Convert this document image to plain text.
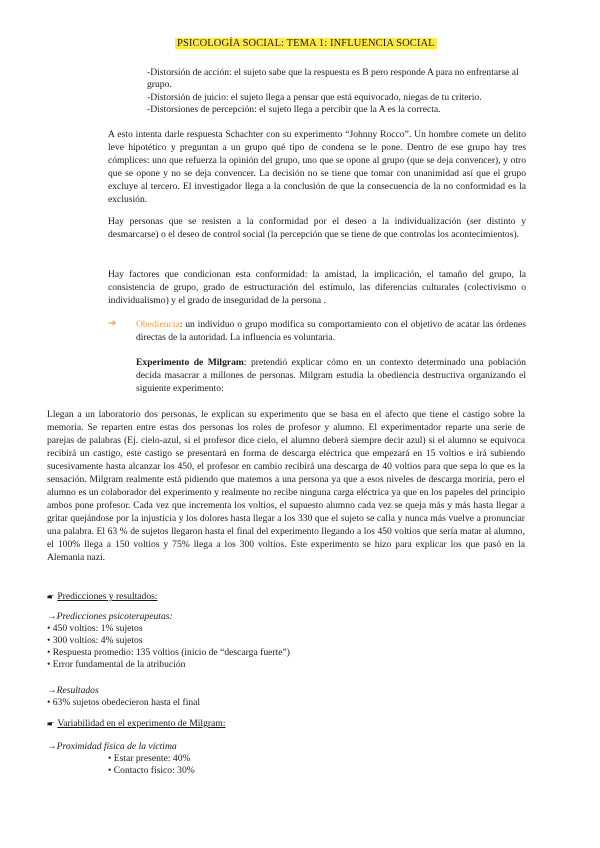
PSICOLOGÍA SOCIAL: TEMA 1: INFLUENCIA SOCIAL
-Distorsión de acción: el sujeto sabe que la respuesta es B pero responde A para no enfrentarse al grupo.
-Distorsión de juicio: el sujeto llega a pensar que está equivocado, niegas de tu criterio.
-Distorsiones de percepción: el sujeto llega a percibir que la A es la correcta.

A esto intenta darle respuesta Schachter con su experimento “Johnny Rocco”. Un hombre comete un delito leve hipotético y preguntan a un grupo qué tipo de condena se le pone. Dentro de ese grupo hay tres cómplices: uno que refuerza la opinión del grupo, uno que se opone al grupo (que se deja convencer), y otro que se opone y no se deja convencer. La decisión no se tiene que tomar con unanimidad así que el grupo excluye al tercero. El investigador llega a la conclusión de que la consecuencia de la no conformidad es la exclusión.

Hay personas que se resisten a la conformidad por el deseo a la individualización (ser distinto y desmarcarse) o el deseo de control social (la percepción que se tiene de que controlas los acontecimientos).

Hay factores que condicionan esta conformidad: la amistad, la implicación, el tamaño del grupo, la consistencia de grupo, grado de estructuración del estímulo, las diferencias culturales (colectivismo o individualismo) y el grado de inseguridad de la persona .

➔ Obediencia: un individuo o grupo modifica su comportamiento con el objetivo de acatar las órdenes directas de la autoridad. La influencia es voluntaria.

Experimento de Milgram: pretendió explicar cómo en un contexto determinado una población decida masacrar a millones de personas. Milgram estudia la obediencia destructiva organizando el siguiente experimento:

Llegan a un laboratorio dos personas, le explican su experimento que se basa en el afecto que tiene el castigo sobre la memoria. Se reparten entre estas dos personas los roles de profesor y alumno. El experimentador reparte una serie de parejas de palabras (Ej. cielo-azul, si el profesor dice cielo, el alumno deberá siempre decir azul) si el alumno se equivoca recibirá un castigo, este castigo se presentará en forma de descarga eléctrica que empezará en 15 voltios e irá subiendo sucesivamente hasta alcanzar los 450, el profesor en cambio recibirá una descarga de 40 voltios para que sepa lo que es la sensación. Milgram realmente está pidiendo que matemos a una persona ya que a esos niveles de descarga moriría, pero el alumno es un colaborador del experimento y realmente no recibe ninguna carga eléctrica ya que en los papeles del principio ambos pone profesor. Cada vez que incrementa los voltios, el supuesto alumno cada vez se queja más y más hasta llegar a gritar quejándose por la injusticia y los dolores hasta llegar a los 330 que el sujeto se calla y nunca más vuelve a pronunciar una palabra. El 63 % de sujetos llegaron hasta el final del experimento llegando a los 450 voltios que sería matar al alumno, el 100% llega a 150 voltios y 75% llega a los 300 voltios. Este experimento se hizo para explicar los que pasó en la Alemania nazi.

🖝 Predicciones y resultados:
→Predicciones psicoterapeutas:
• 450 voltios: 1% sujetos
• 300 voltios: 4% sujetos
• Respuesta promedio: 135 voltios (inicio de “descarga fuerte”)
• Error fundamental de la atribución
→Resultados
• 63% sujetos obedecieron hasta el final
🖝 Variabilidad en el experimento de Milgram:
→Proximidad física de la víctima
• Estar presente: 40%
• Contacto físico: 30%
